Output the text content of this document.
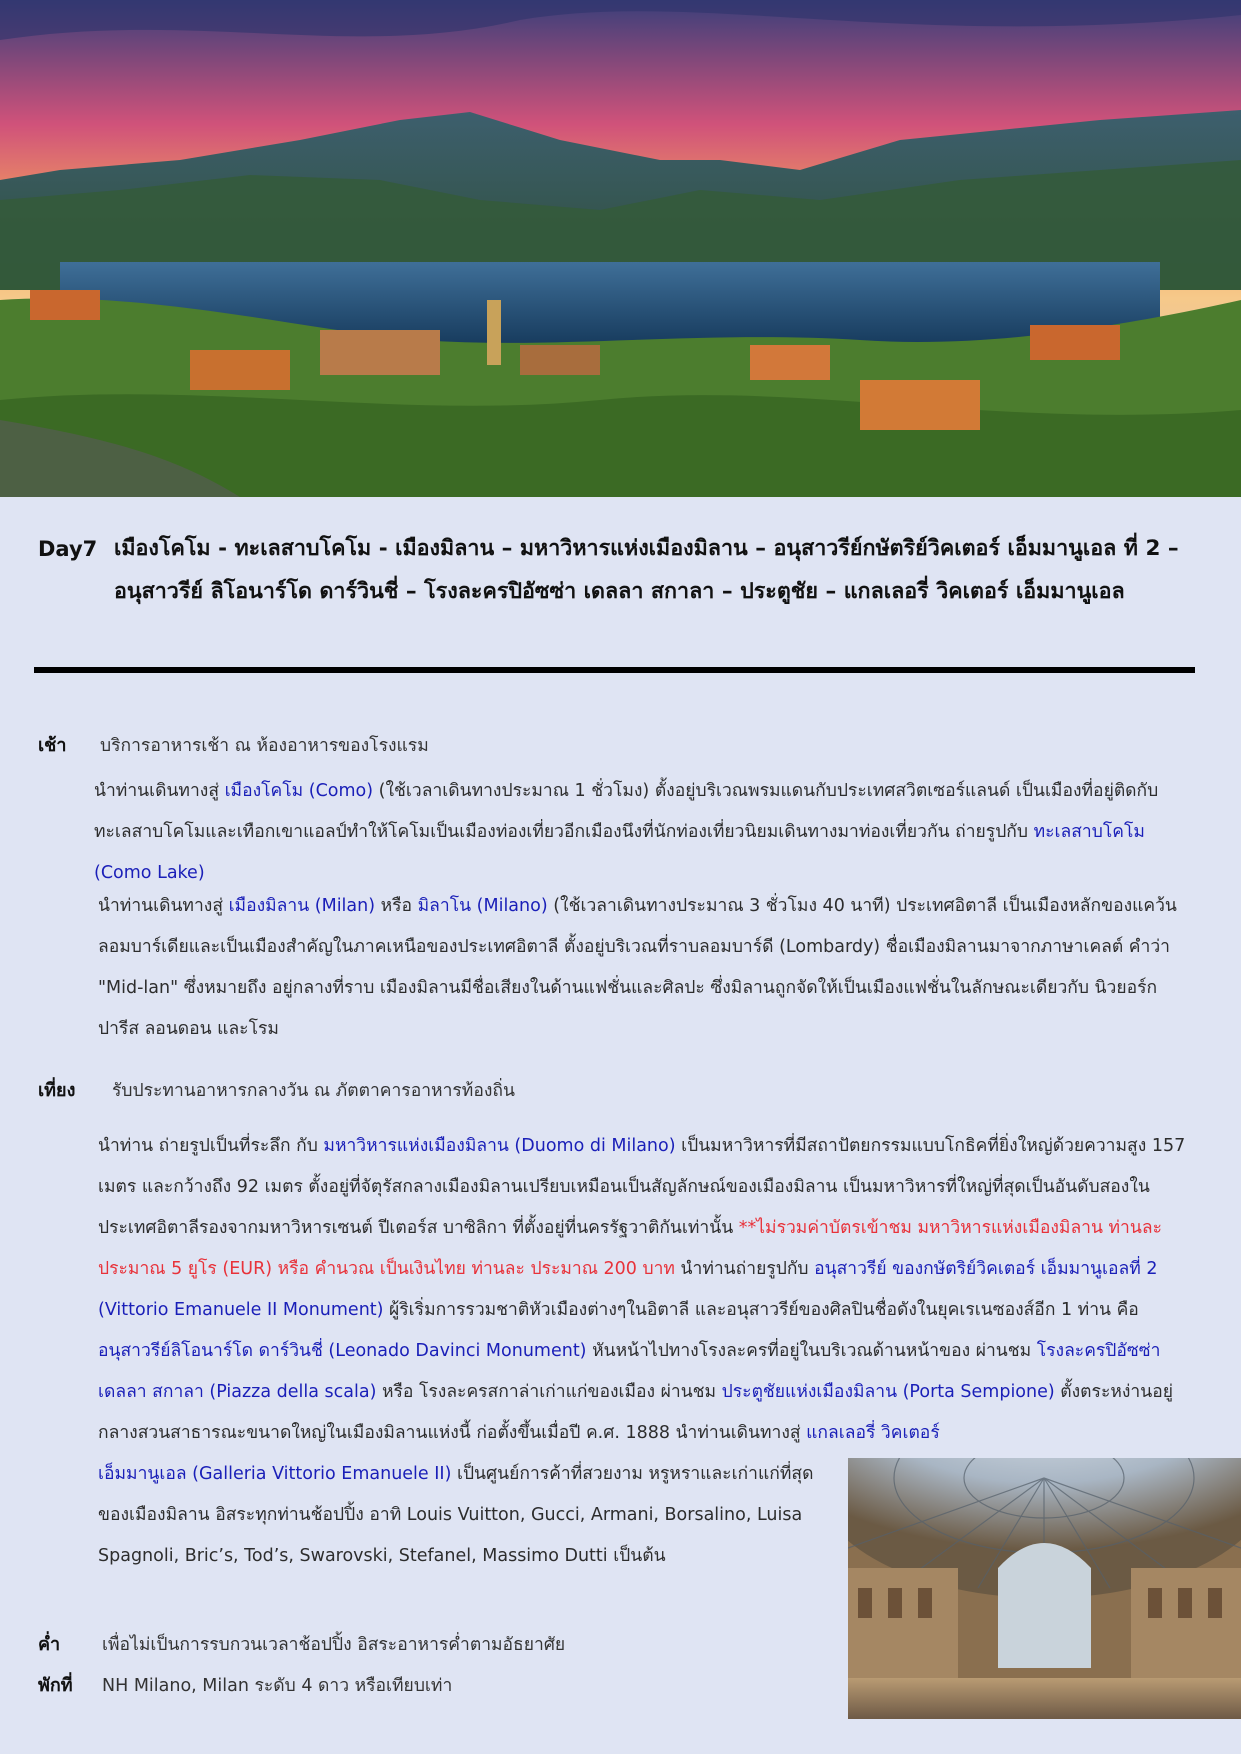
Day7 เมืองโคโม - ทะเลสาบโคโม - เมืองมิลาน – มหาวิหารแห่งเมืองมิลาน – อนุสาวรีย์กษัตริย์วิคเตอร์ เอ็มมานูเอล ที่ 2 – อนุสาวรีย์ ลิโอนาร์โด ดาร์วินชี่ – โรงละครปิอัซซ่า เดลลา สกาลา – ประตูชัย – แกลเลอรี่ วิคเตอร์ เอ็มมานูเอล
เช้า บริการอาหารเช้า ณ ห้องอาหารของโรงแรม
นำท่านเดินทางสู่ เมืองโคโม (Como) (ใช้เวลาเดินทางประมาณ 1 ชั่วโมง) ตั้งอยู่บริเวณพรมแดนกับประเทศสวิตเซอร์แลนด์ เป็นเมืองที่อยู่ติดกับทะเลสาบโคโมและเทือกเขาแอลป์ทำให้โคโมเป็นเมืองท่องเที่ยวอีกเมืองนึงที่นักท่องเที่ยวนิยมเดินทางมาท่องเที่ยวกัน ถ่ายรูปกับ ทะเลสาบโคโม (Como Lake)
นำท่านเดินทางสู่ เมืองมิลาน (Milan) หรือ มิลาโน (Milano) (ใช้เวลาเดินทางประมาณ 3 ชั่วโมง 40 นาที) ประเทศอิตาลี เป็นเมืองหลักของแคว้นลอมบาร์เดียและเป็นเมืองสำคัญในภาคเหนือของประเทศอิตาลี ตั้งอยู่บริเวณที่ราบลอมบาร์ดี (Lombardy) ชื่อเมืองมิลานมาจากภาษาเคลต์ คำว่า "Mid-lan" ซึ่งหมายถึง อยู่กลางที่ราบ เมืองมิลานมีชื่อเสียงในด้านแฟชั่นและศิลปะ ซึ่งมิลานถูกจัดให้เป็นเมืองแฟชั่นในลักษณะเดียวกับ นิวยอร์ก ปารีส ลอนดอน และโรม
เที่ยง รับประทานอาหารกลางวัน ณ ภัตตาคารอาหารท้องถิ่น
นำท่าน ถ่ายรูปเป็นที่ระลึก กับ มหาวิหารแห่งเมืองมิลาน (Duomo di Milano) เป็นมหาวิหารที่มีสถาปัตยกรรมแบบโกธิคที่ยิ่งใหญ่ด้วยความสูง 157 เมตร และกว้างถึง 92 เมตร ตั้งอยู่ที่จัตุรัสกลางเมืองมิลานเปรียบเหมือนเป็นสัญลักษณ์ของเมืองมิลาน เป็นมหาวิหารที่ใหญ่ที่สุดเป็นอันดับสองในประเทศอิตาลีรองจากมหาวิหารเซนต์ ปีเตอร์ส บาซิลิกา ที่ตั้งอยู่ที่นครรัฐวาติกันเท่านั้น **ไม่รวมค่าบัตรเข้าชม มหาวิหารแห่งเมืองมิลาน ท่านละ ประมาณ 5 ยูโร (EUR) หรือ คำนวณ เป็นเงินไทย ท่านละ ประมาณ 200 บาท นำท่านถ่ายรูปกับ อนุสาวรีย์ ของกษัตริย์วิคเตอร์ เอ็มมานูเอลที่ 2 (Vittorio Emanuele II Monument) ผู้ริเริ่มการรวมชาติหัวเมืองต่างๆในอิตาลี และอนุสาวรีย์ของศิลปินชื่อดังในยุคเรเนซองส์อีก 1 ท่าน คือ อนุสาวรีย์ลิโอนาร์โด ดาร์วินชี่ (Leonado Davinci Monument) หันหน้าไปทางโรงละครที่อยู่ในบริเวณด้านหน้าของ ผ่านชม โรงละครปิอัซซ่า เดลลา สกาลา (Piazza della scala) หรือ โรงละครสกาล่าเก่าแก่ของเมือง ผ่านชม ประตูชัยแห่งเมืองมิลาน (Porta Sempione) ตั้งตระหง่านอยู่กลางสวนสาธารณะขนาดใหญ่ในเมืองมิลานแห่งนี้ ก่อตั้งขึ้นเมื่อปี ค.ศ. 1888 นำท่านเดินทางสู่ แกลเลอรี่ วิคเตอร์
เอ็มมานูเอล (Galleria Vittorio Emanuele II) เป็นศูนย์การค้าที่สวยงาม หรูหราและเก่าแก่ที่สุดของเมืองมิลาน อิสระทุกท่านช้อปปิ้ง อาทิ Louis Vuitton, Gucci, Armani, Borsalino, Luisa Spagnoli, Bric’s, Tod’s, Swarovski, Stefanel, Massimo Dutti เป็นต้น
ค่ำ เพื่อไม่เป็นการรบกวนเวลาช้อปปิ้ง อิสระอาหารค่ำตามอัธยาศัย
พักที่ NH Milano, Milan ระดับ 4 ดาว หรือเทียบเท่า
